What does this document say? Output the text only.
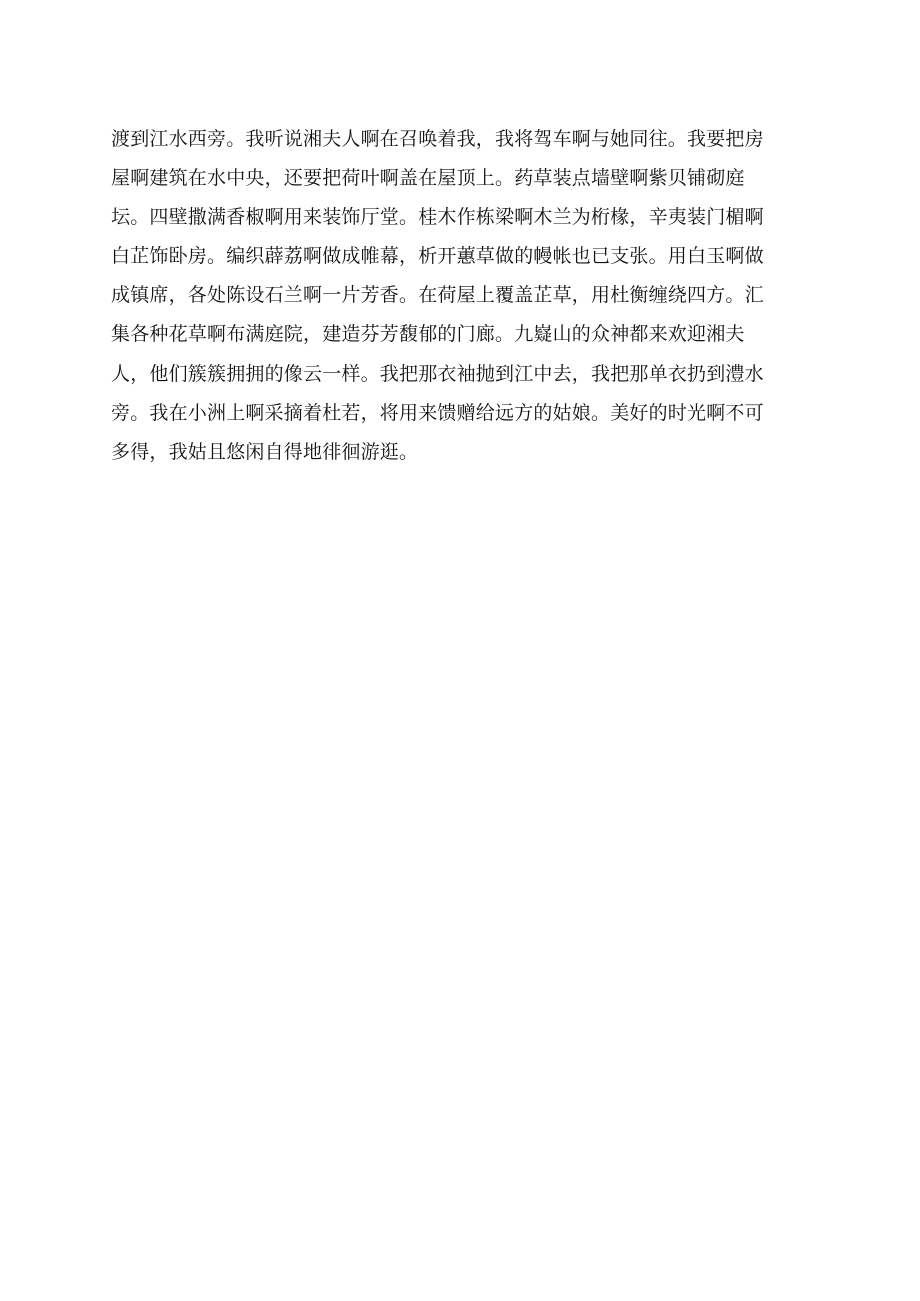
渡到江水西旁。我听说湘夫人啊在召唤着我，我将驾车啊与她同往。我要把房
屋啊建筑在水中央，还要把荷叶啊盖在屋顶上。药草装点墙壁啊紫贝铺砌庭
坛。四壁撒满香椒啊用来装饰厅堂。桂木作栋梁啊木兰为桁椽，辛夷装门楣啊
白芷饰卧房。编织薜荔啊做成帷幕，析开蕙草做的幔帐也已支张。用白玉啊做
成镇席，各处陈设石兰啊一片芳香。在荷屋上覆盖芷草，用杜衡缠绕四方。汇
集各种花草啊布满庭院，建造芬芳馥郁的门廊。九嶷山的众神都来欢迎湘夫
人，他们簇簇拥拥的像云一样。我把那衣袖抛到江中去，我把那单衣扔到澧水
旁。我在小洲上啊采摘着杜若，将用来馈赠给远方的姑娘。美好的时光啊不可
多得，我姑且悠闲自得地徘徊游逛。
